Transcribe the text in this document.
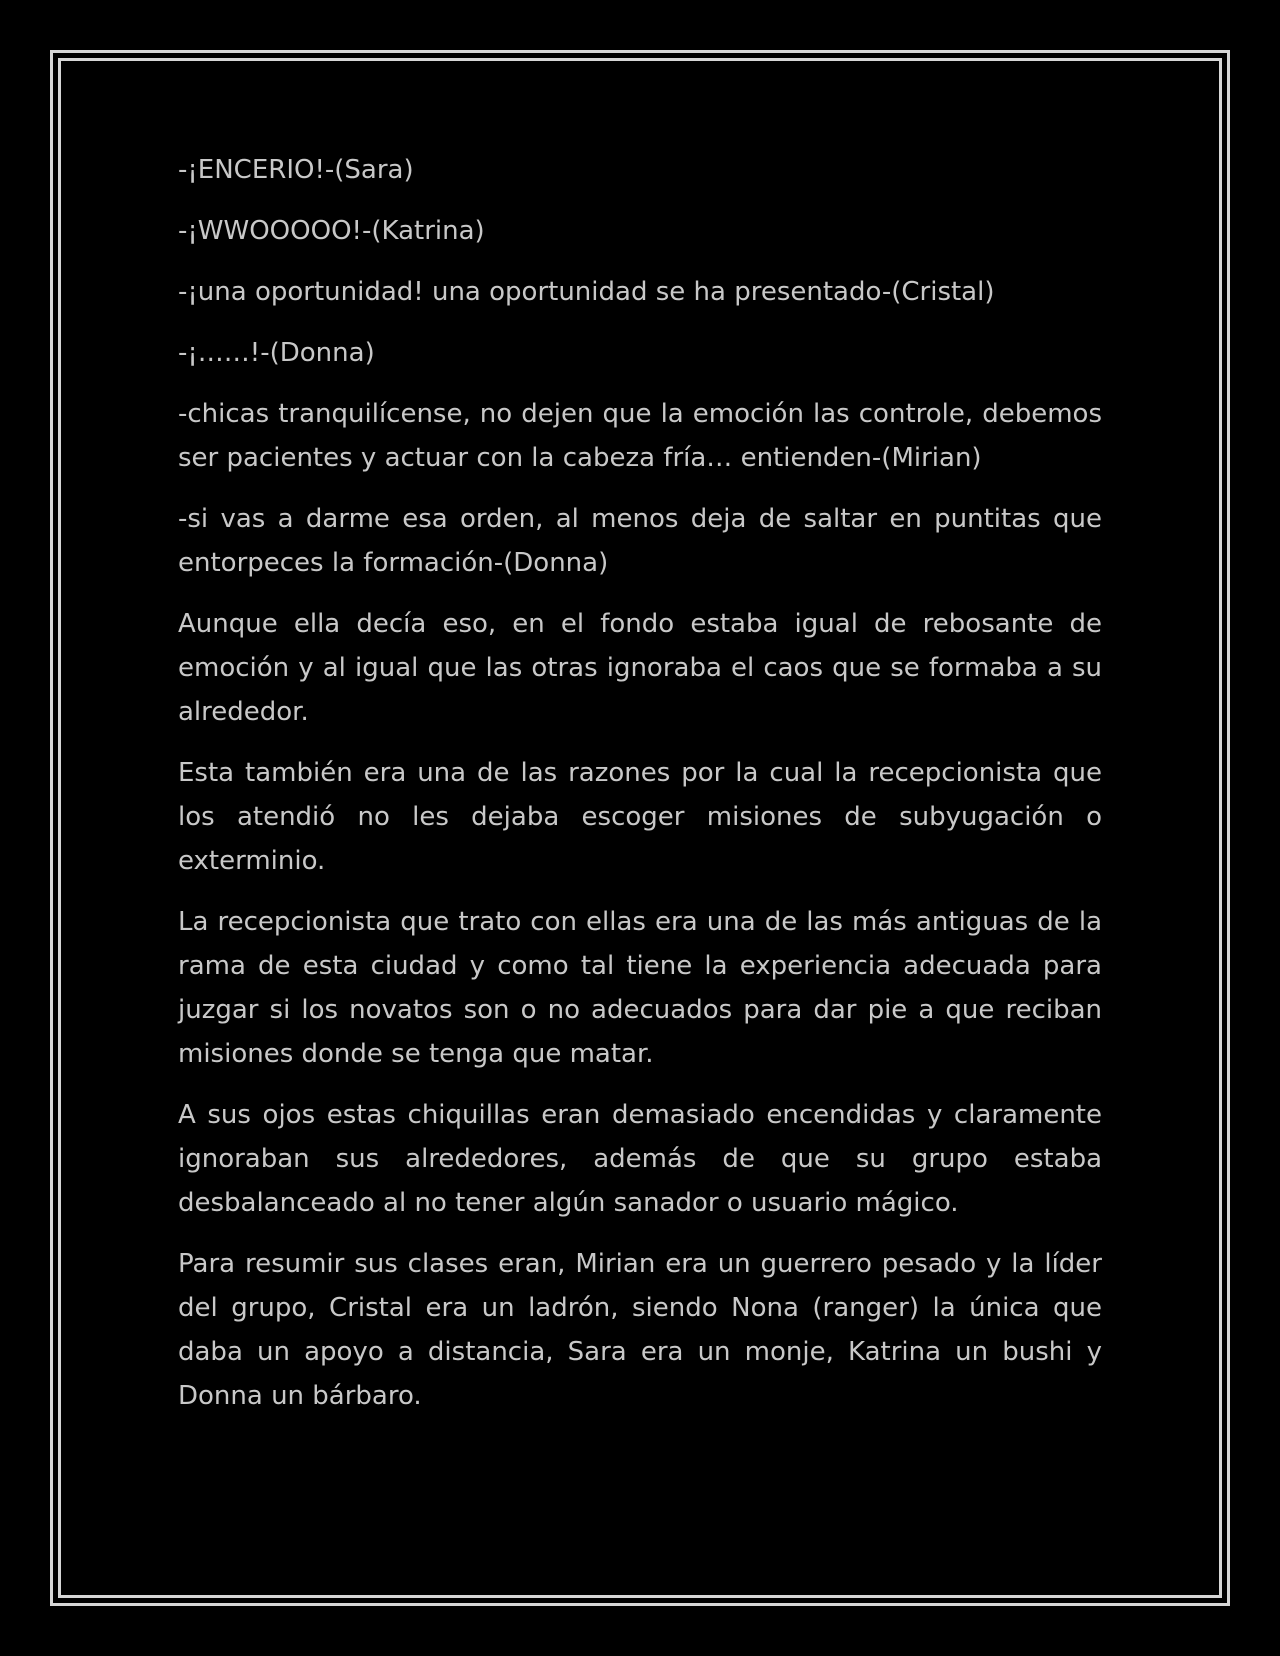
-¡ENCERIO!-(Sara)

-¡WWOOOOO!-(Katrina)

-¡una oportunidad! una oportunidad se ha presentado-(Cristal)

-¡……!-(Donna)

-chicas tranquilícense, no dejen que la emoción las controle, debemos ser pacientes y actuar con la cabeza fría… entienden-(Mirian)

-si vas a darme esa orden, al menos deja de saltar en puntitas que entorpeces la formación-(Donna)

Aunque ella decía eso, en el fondo estaba igual de rebosante de emoción y al igual que las otras ignoraba el caos que se formaba a su alrededor.

Esta también era una de las razones por la cual la recepcionista que los atendió no les dejaba escoger misiones de subyugación o exterminio.

La recepcionista que trato con ellas era una de las más antiguas de la rama de esta ciudad y como tal tiene la experiencia adecuada para juzgar si los novatos son o no adecuados para dar pie a que reciban misiones donde se tenga que matar.

A sus ojos estas chiquillas eran demasiado encendidas y claramente ignoraban sus alrededores, además de que su grupo estaba desbalanceado al no tener algún sanador o usuario mágico.

Para resumir sus clases eran, Mirian era un guerrero pesado y la líder del grupo, Cristal era un ladrón, siendo Nona (ranger) la única que daba un apoyo a distancia, Sara era un monje, Katrina un bushi y Donna un bárbaro.
